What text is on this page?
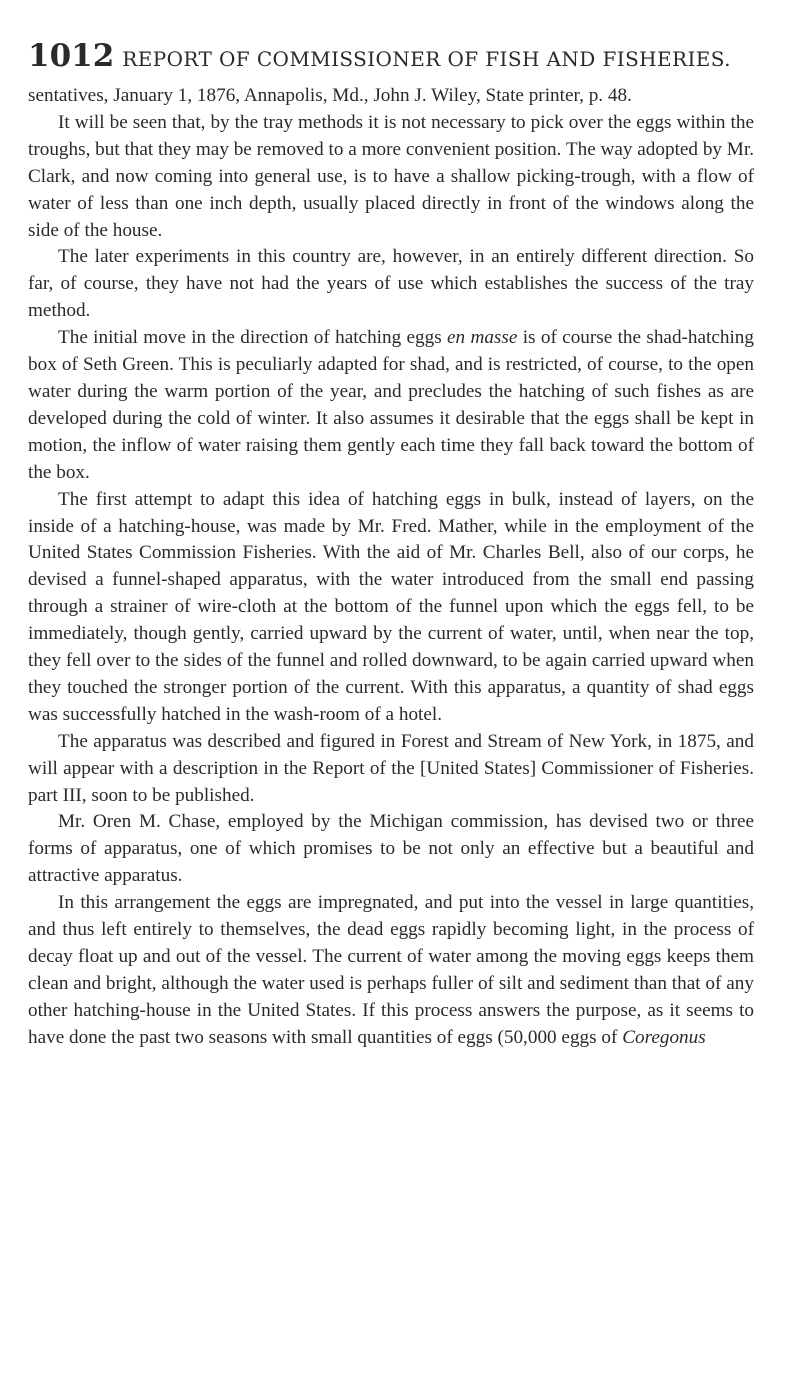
1012 REPORT OF COMMISSIONER OF FISH AND FISHERIES.

sentatives, January 1, 1876, Annapolis, Md., John J. Wiley, State printer, p. 48.

It will be seen that, by the tray methods it is not necessary to pick over the eggs within the troughs, but that they may be removed to a more convenient position. The way adopted by Mr. Clark, and now coming into general use, is to have a shallow picking-trough, with a flow of water of less than one inch depth, usually placed directly in front of the windows along the side of the house.

The later experiments in this country are, however, in an entirely different direction. So far, of course, they have not had the years of use which establishes the success of the tray method.

The initial move in the direction of hatching eggs en masse is of course the shad-hatching box of Seth Green. This is peculiarly adapted for shad, and is restricted, of course, to the open water during the warm portion of the year, and precludes the hatching of such fishes as are developed during the cold of winter. It also assumes it desirable that the eggs shall be kept in motion, the inflow of water raising them gently each time they fall back toward the bottom of the box.

The first attempt to adapt this idea of hatching eggs in bulk, instead of layers, on the inside of a hatching-house, was made by Mr. Fred. Mather, while in the employment of the United States Commission Fisheries. With the aid of Mr. Charles Bell, also of our corps, he devised a funnel-shaped apparatus, with the water introduced from the small end passing through a strainer of wire-cloth at the bottom of the funnel upon which the eggs fell, to be immediately, though gently, carried upward by the current of water, until, when near the top, they fell over to the sides of the funnel and rolled downward, to be again carried upward when they touched the stronger portion of the current. With this apparatus, a quantity of shad eggs was successfully hatched in the wash-room of a hotel.

The apparatus was described and figured in Forest and Stream of New York, in 1875, and will appear with a description in the Report of the [United States] Commissioner of Fisheries. part III, soon to be published.

Mr. Oren M. Chase, employed by the Michigan commission, has devised two or three forms of apparatus, one of which promises to be not only an effective but a beautiful and attractive apparatus.

In this arrangement the eggs are impregnated, and put into the vessel in large quantities, and thus left entirely to themselves, the dead eggs rapidly becoming light, in the process of decay float up and out of the vessel. The current of water among the moving eggs keeps them clean and bright, although the water used is perhaps fuller of silt and sediment than that of any other hatching-house in the United States. If this process answers the purpose, as it seems to have done the past two seasons with small quantities of eggs (50,000 eggs of Coregonus
